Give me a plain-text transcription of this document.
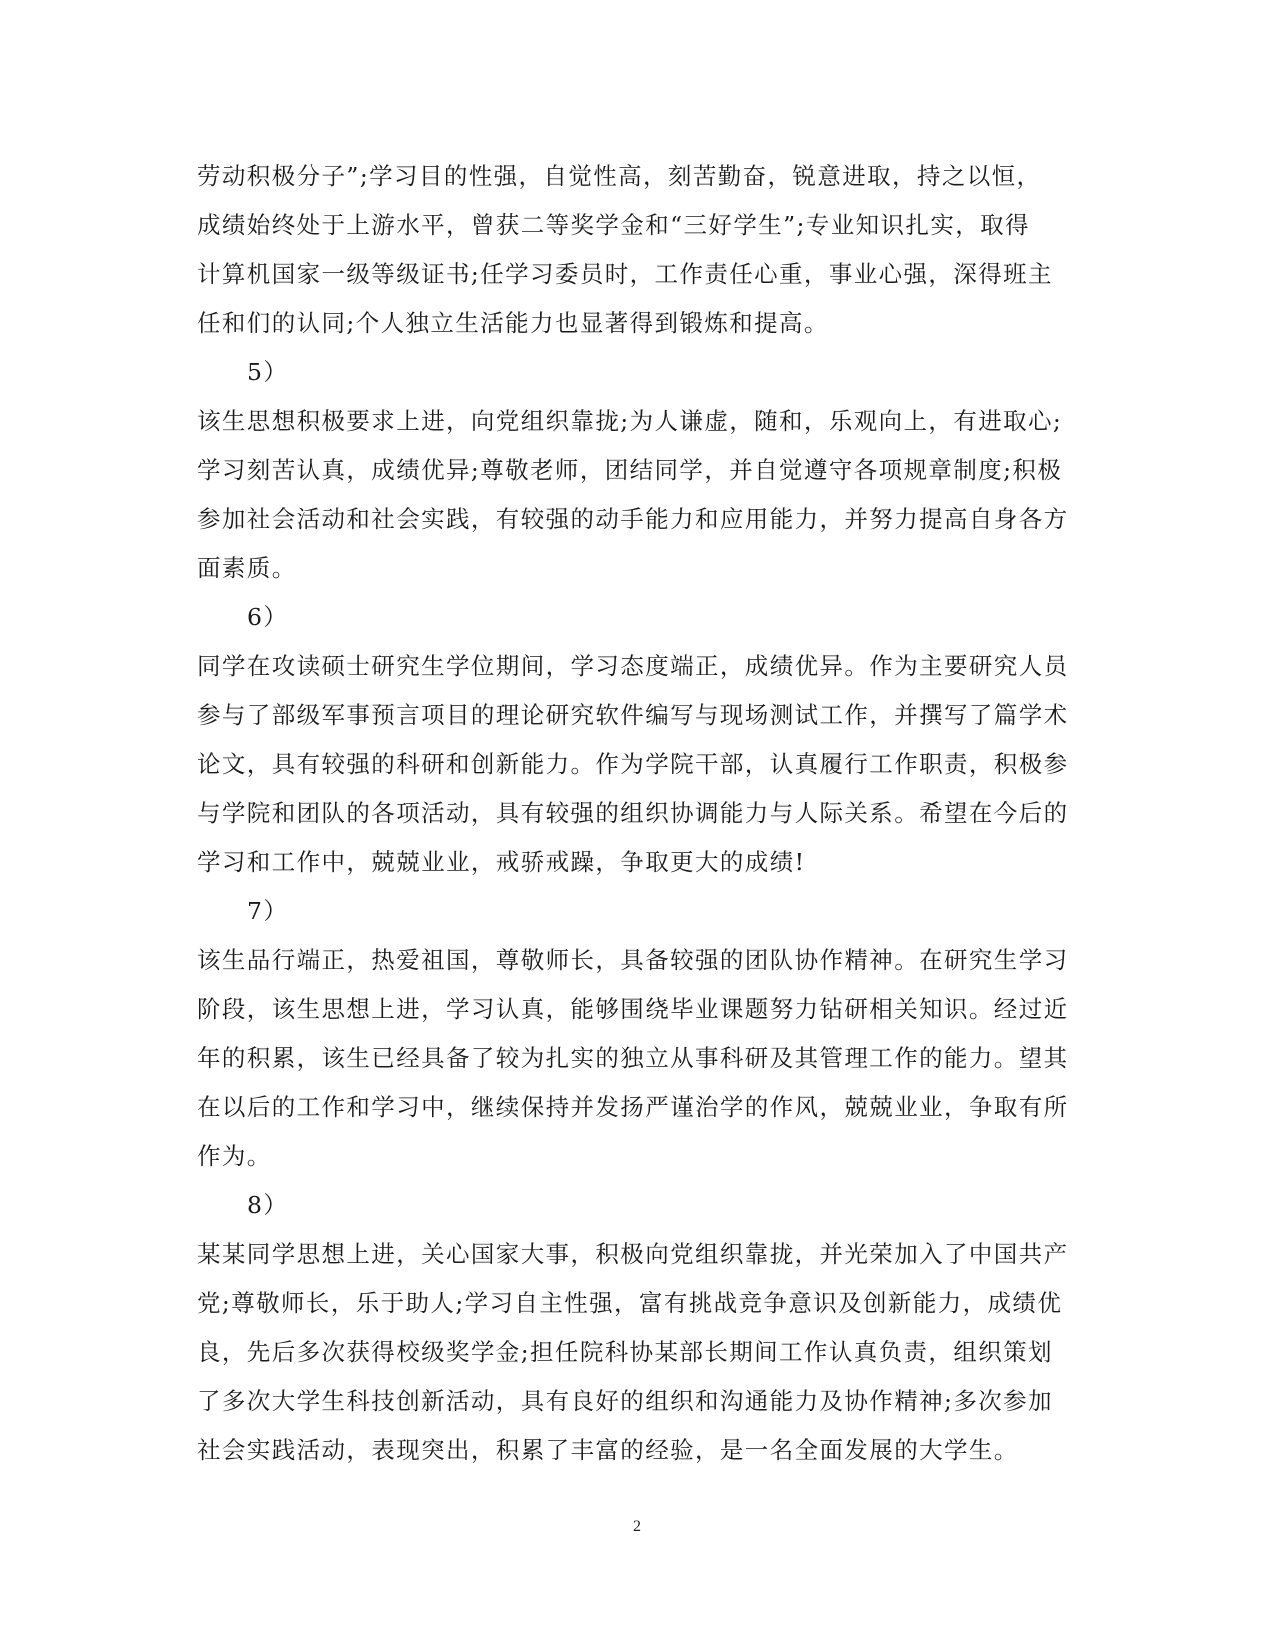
劳动积极分子”;学习目的性强，自觉性高，刻苦勤奋，锐意进取，持之以恒，
成绩始终处于上游水平，曾获二等奖学金和“三好学生”;专业知识扎实，取得
计算机国家一级等级证书;任学习委员时，工作责任心重，事业心强，深得班主
任和们的认同;个人独立生活能力也显著得到锻炼和提高。
5）
该生思想积极要求上进，向党组织靠拢;为人谦虚，随和，乐观向上，有进取心;
学习刻苦认真，成绩优异;尊敬老师，团结同学，并自觉遵守各项规章制度;积极
参加社会活动和社会实践，有较强的动手能力和应用能力，并努力提高自身各方
面素质。
6）
同学在攻读硕士研究生学位期间，学习态度端正，成绩优异。作为主要研究人员
参与了部级军事预言项目的理论研究软件编写与现场测试工作，并撰写了篇学术
论文，具有较强的科研和创新能力。作为学院干部，认真履行工作职责，积极参
与学院和团队的各项活动，具有较强的组织协调能力与人际关系。希望在今后的
学习和工作中，兢兢业业，戒骄戒躁，争取更大的成绩!
7）
该生品行端正，热爱祖国，尊敬师长，具备较强的团队协作精神。在研究生学习
阶段，该生思想上进，学习认真，能够围绕毕业课题努力钻研相关知识。经过近
年的积累，该生已经具备了较为扎实的独立从事科研及其管理工作的能力。望其
在以后的工作和学习中，继续保持并发扬严谨治学的作风，兢兢业业，争取有所
作为。
8）
某某同学思想上进，关心国家大事，积极向党组织靠拢，并光荣加入了中国共产
党;尊敬师长，乐于助人;学习自主性强，富有挑战竞争意识及创新能力，成绩优
良，先后多次获得校级奖学金;担任院科协某部长期间工作认真负责，组织策划
了多次大学生科技创新活动，具有良好的组织和沟通能力及协作精神;多次参加
社会实践活动，表现突出，积累了丰富的经验，是一名全面发展的大学生。
2
